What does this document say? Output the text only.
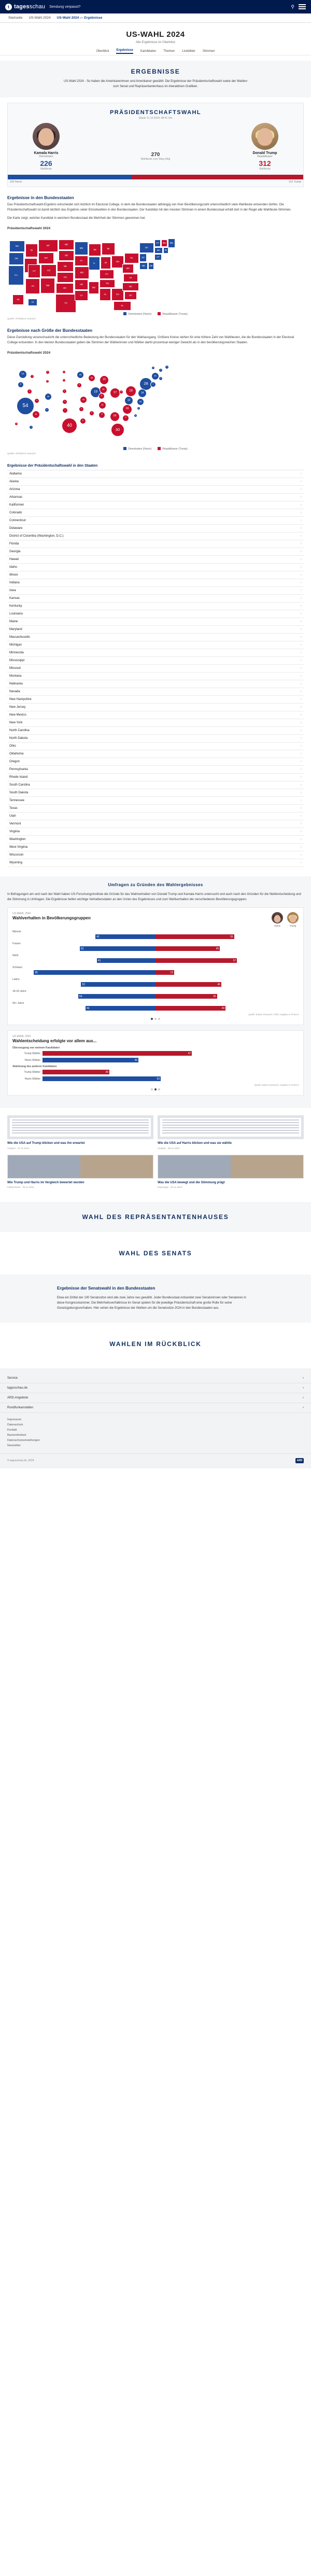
t tagesschau Sendung verpasst?	⚲
Startseite US-Wahl 2024 US-Wahl 2024 — Ergebnisse
US-WAHL 2024
Alle Ergebnisse im Überblick
Überblick Ergebnisse Kandidaten Themen Livebilder Stimmen
ERGEBNISSE

US-Wahl 2024 - So haben die Amerikanerinnen und Amerikaner gewählt: Die Ergebnisse der Präsidentschaftswahl sowie der Wahlen zum Senat und Repräsentantenhaus im interaktiven Grafiken.

PRÄSIDENTSCHAFTSWAHL
Stand: 11.12.2024, 08:41 Uhr
Kamala Harris
Demokraten
226
Wahlleute
270
Wahlleute zum Sieg nötig
Donald Trump
Republikaner
312
Wahlleute
226 Harris	312 Trump
Ergebnisse in den Bundesstaaten

Das Präsidentschaftswahl-Ergebnis entscheidet sich letztlich im Electoral College, in dem die Bundesstaaten abhängig von ihrer Bevölkerungszahl unterschiedlich viele Wahlleute entsenden dürfen. Die Präsidentschaftswahl ist damit letztlich das Ergebnis vieler Einzelwahlen in den Bundesstaaten. Der Kandidat mit den meisten Stimmen in einem Bundesstaat erhält dort in der Regel alle Wahlleute-Stimmen.

Die Karte zeigt, welcher Kandidat in welchem Bundesstaat die Mehrheit der Stimmen gewonnen hat.

Präsidentschaftswahl 2024
WA
OR
CA
ID
MT
WY
UT
AZ
CO
NM
ND
SD
NE
KS
OK
TX
MN
IA
MO
AR
LA
WI
IL
MS
MI
IN
KY
TN
AL
OH
GA
FL
PA
WV
VA
NC
SC
NY
NJ
MD	DE
VT	NH	ME
MA	RI
CT
HI
AK
Demokraten (Harris)	Republikaner (Trump)
Quelle: AP/Edison research
Ergebnisse nach Größe der Bundesstaaten

Diese Darstellung veranschaulicht die unterschiedliche Bedeutung der Bundesstaaten für den Wahlausgang. Größere Kreise stehen für eine höhere Zahl von Wahlleuten, die die Bundesstaaten in der Electoral College entsenden. In den kleinen Bundesstaaten geben die Stimmen der Wählerinnen und Wähler damit prozentual weniger Gewicht als in den bevölkerungsreichen Staaten.

Präsidentschaftswahl 2024
54
40
30
28
19
19	17
16
16
15
14
13
12
11
11
11
11
10
10
10
10
10
9
9
8
8
8
7
7
6
6
6
6
6
6
5
5	4
4
4
4
4
4
4
3
3
3
3
3
3
3
Demokraten (Harris)	Republikaner (Trump)
Quelle: AP/Edison research
Ergebnisse der Präsidentschaftswahl in den Staaten
Alabama	›
Alaska	›
Arizona	›
Arkansas	›
Kalifornien	›
Colorado	›
Connecticut	›
Delaware	›
District of Columbia (Washington, D.C.)	›
Florida	›
Georgia	›
Hawaii	›
Idaho	›
Illinois	›
Indiana	›
Iowa	›
Kansas	›
Kentucky	›
Louisiana	›
Maine	›
Maryland	›
Massachusetts	›
Michigan	›
Minnesota	›
Mississippi	›
Missouri	›
Montana	›
Nebraska	›
Nevada	›
New Hampshire	›
New Jersey	›
New Mexico	›
New York	›
North Carolina	›
North Dakota	›
Ohio	›
Oklahoma	›
Oregon	›
Pennsylvania	›
Rhode Island	›
South Carolina	›
South Dakota	›
Tennessee	›
Texas	›
Utah	›
Vermont	›
Virginia	›
Washington	›
West Virginia	›
Wisconsin	›
Wyoming	›
Umfragen zu Gründen des Wahlergebnisses

In Befragungen am und nach der Wahl haben US-Forschungsinstitute die Gründe für das Wahlverhalten von Donald Trump und Kamala Harris untersucht und auch nach den Gründen für die Wahlentscheidung und die Stimmung in Umfragen. Die Ergebnisse helfen wichtige Verhaltensdaten an den Urnen des Ergebnisses und zum Wahlverhalten der verschiedenen Bevölkerungsgruppen.

US-WAHL 2024
Wahlverhalten in Bevölkerungsgruppen
Harris	Trump
Männer
42	55
Frauen
53	45
Weiß
41	57
Schwarz
85	13
Latino
52	46
18-29 Jahre
54	43
65+ Jahre
49	49
Quelle: Edison Research / NEP, Angaben in Prozent
US-WAHL 2024
Wahlentscheidung erfolgte vor allem aus...
Überzeugung von meinem Kandidaten
Trump Wähler	67
Harris Wähler	43
Ablehnung des anderen Kandidaten
Trump Wähler	30
Harris Wähler	53
Quelle: Edison Research, Angaben in Prozent
Wie die USA auf Trump blicken und was ihn erwartet
Analyse · 07.11.2024
Wie die USA auf Harris blicken und was sie wählte
Analyse · 06.11.2024
Wie Trump und Harris im Vergleich bewertet wurden
Faktencheck · 05.11.2024
Was die USA bewegt und die Stimmung prägt
Reportage · 04.11.2024
WAHL DES REPRÄSENTANTENHAUSES
WAHL DES SENATS
Ergebnisse der Senatswahl in den Bundesstaaten

Etwa ein Drittel der 100 Senatssitze wird alle zwei Jahre neu gewählt. Jeder Bundesstaat entsendet zwei Senatorinnen oder Senatoren in diese Kongresskammer. Die Mehrheitsverhältnisse im Senat spielen für die jeweilige Präsidentschaft eine große Rolle für seine Gesetzgebungsvorhaben. Hier sehen die Ergebnisse der Wahlen um die Senatssitze 2024 in den Bundesstaaten aus.

WAHLEN IM RÜCKBLICK
Service	›
tagesschau.de	›
ARD-Angebote	›
Rundfunkanstalten	›
Impressum
Datenschutz
Kontakt
Barrierefreiheit
Datenschutzeinstellungen
Newsletter
© tagesschau.de, 2024	ARD
